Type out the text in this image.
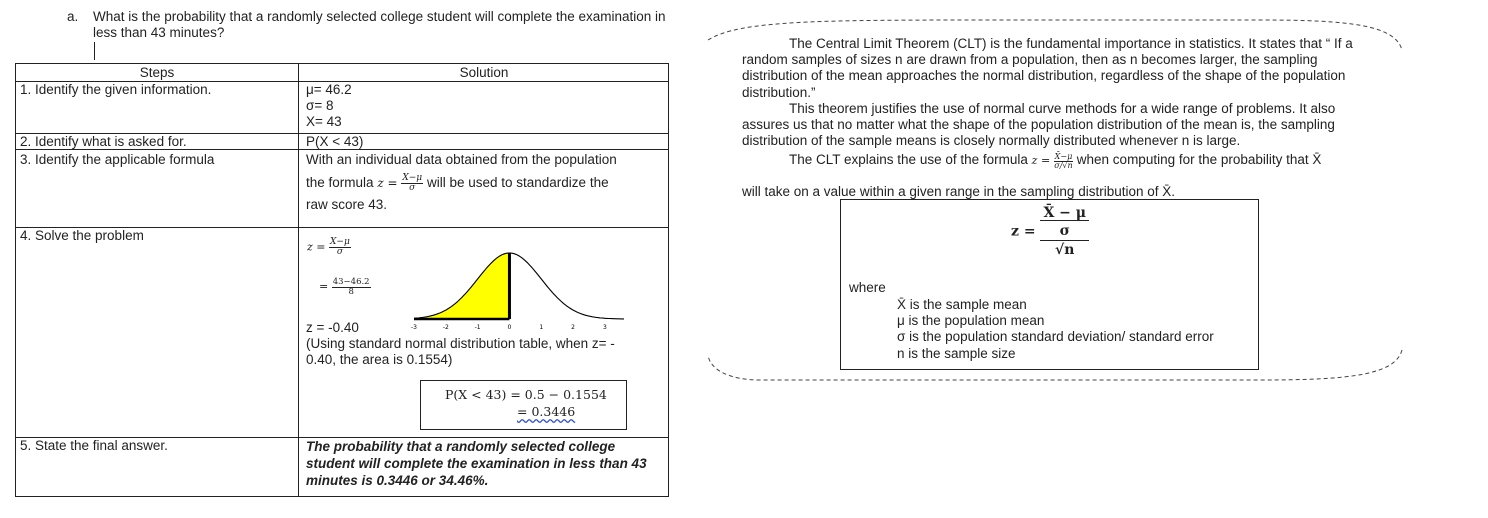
a. What is the probability that a randomly selected college student will complete the examination in less than 43 minutes?
Steps	Solution
1. Identify the given information.	μ= 46.2
σ= 8
X= 43
2. Identify what is asked for.	P(X < 43)
3. Identify the applicable formula	With an individual data obtained from the population
the formula $z = \frac{X-\mu}{\sigma}$ will be used to standardize the
raw score 43.
4. Solve the problem
$z = \frac{X-\mu}{\sigma}$
= $\frac{43-46.2}{8}$
-3	-2	-1	0	1	2	3
z = -0.40
(Using standard normal distribution table, when z= -
0.40, the area is 0.1554)
P(X < 43) = 0.5 − 0.1554
= 0.3446
5. State the final answer.	The probability that a randomly selected college student will complete the examination in less than 43 minutes is 0.3446 or 34.46%.
The Central Limit Theorem (CLT) is the fundamental importance in statistics. It states that “ If a random samples of sizes n are drawn from a population, then as n becomes larger, the sampling distribution of the mean approaches the normal distribution, regardless of the shape of the population distribution.”
This theorem justifies the use of normal curve methods for a wide range of problems. It also assures us that no matter what the shape of the population distribution of the mean is, the sampling distribution of the sample means is closely normally distributed whenever n is large.
The CLT explains the use of the formula $z = \frac{X̄-\mu}{\sigma/√n}$ when computing for the probability that X̄
will take on a value within a given range in the sampling distribution of X̄.
z =
X̄ − μ
σ
√n
where
X̄ is the sample mean
μ is the population mean
σ is the population standard deviation/ standard error
n is the sample size
